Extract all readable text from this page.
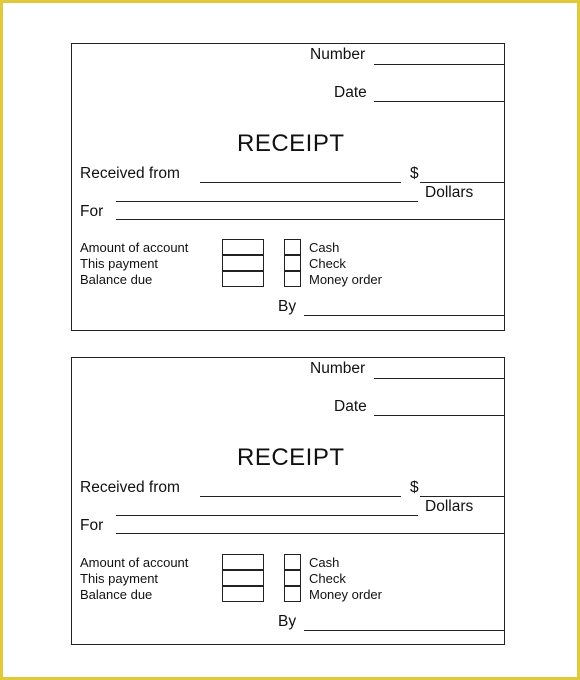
Number
Date
RECEIPT
Received from	$
Dollars
For
Amount of account
This payment
Balance due
Cash
Check
Money order
By
Number
Date
RECEIPT
Received from	$
Dollars
For
Amount of account
This payment
Balance due
Cash
Check
Money order
By
